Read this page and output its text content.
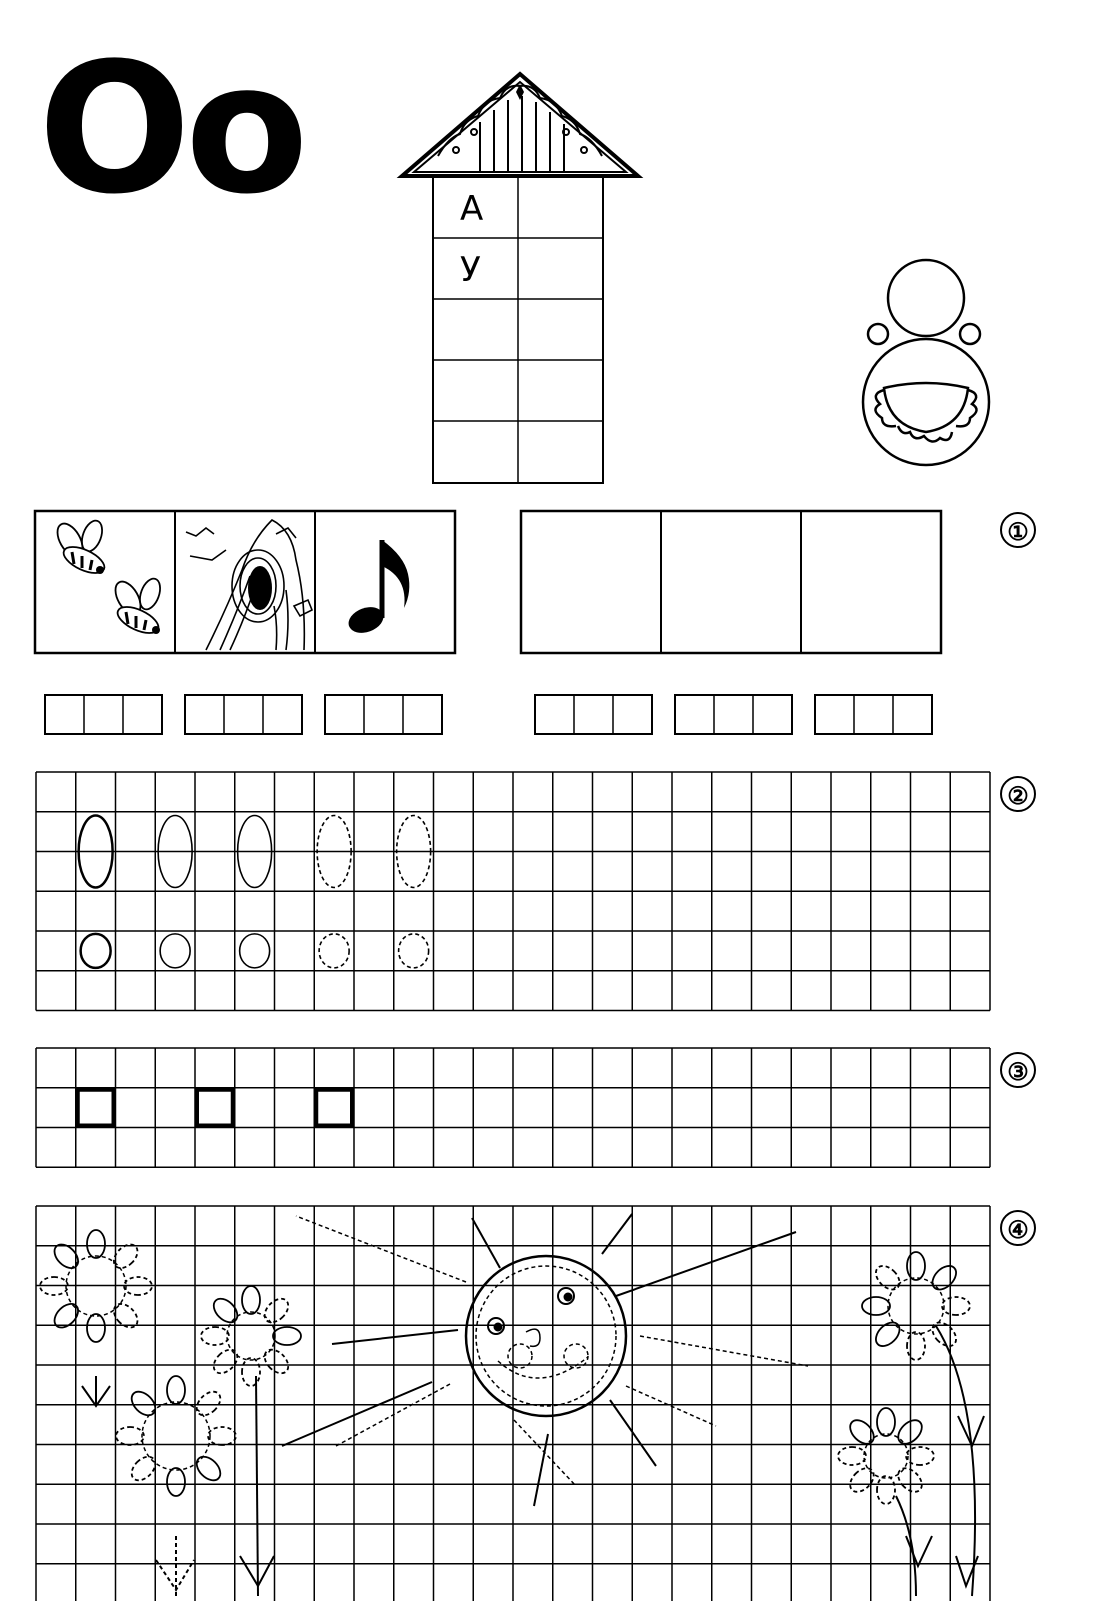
Oo	А
У
①
②
③
④
